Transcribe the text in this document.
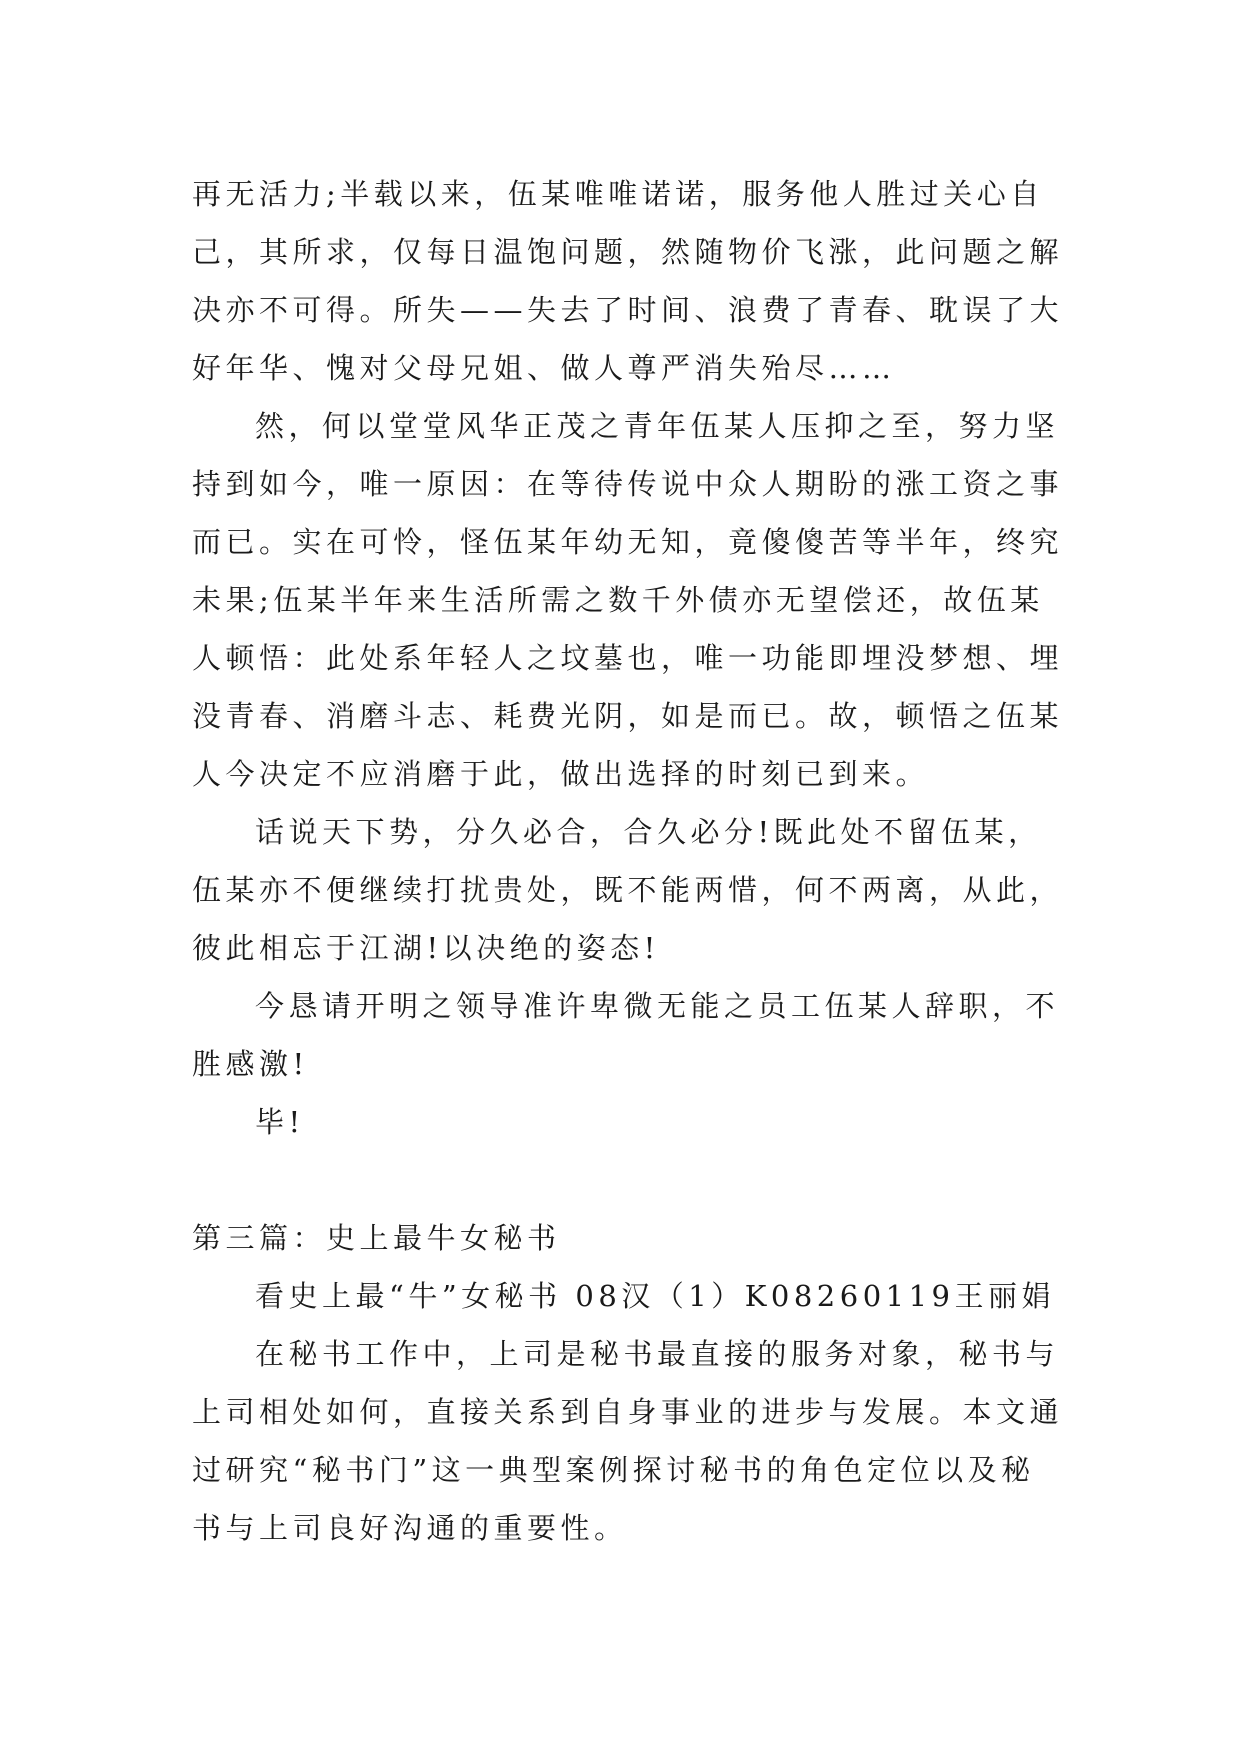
再无活力;半载以来，伍某唯唯诺诺，服务他人胜过关心自
己，其所求，仅每日温饱问题，然随物价飞涨，此问题之解
决亦不可得。所失——失去了时间、浪费了青春、耽误了大
好年华、愧对父母兄姐、做人尊严消失殆尽……
然，何以堂堂风华正茂之青年伍某人压抑之至，努力坚
持到如今，唯一原因：在等待传说中众人期盼的涨工资之事
而已。实在可怜，怪伍某年幼无知，竟傻傻苦等半年，终究
未果;伍某半年来生活所需之数千外债亦无望偿还，故伍某
人顿悟：此处系年轻人之坟墓也，唯一功能即埋没梦想、埋
没青春、消磨斗志、耗费光阴，如是而已。故，顿悟之伍某
人今决定不应消磨于此，做出选择的时刻已到来。
话说天下势，分久必合，合久必分!既此处不留伍某，
伍某亦不便继续打扰贵处，既不能两惜，何不两离，从此，
彼此相忘于江湖!以决绝的姿态!
今恳请开明之领导准许卑微无能之员工伍某人辞职，不
胜感激!
毕!
第三篇：史上最牛女秘书
看史上最“牛”女秘书 08汉（1）K08260119王丽娟
在秘书工作中，上司是秘书最直接的服务对象，秘书与
上司相处如何，直接关系到自身事业的进步与发展。本文通
过研究“秘书门”这一典型案例探讨秘书的角色定位以及秘
书与上司良好沟通的重要性。
